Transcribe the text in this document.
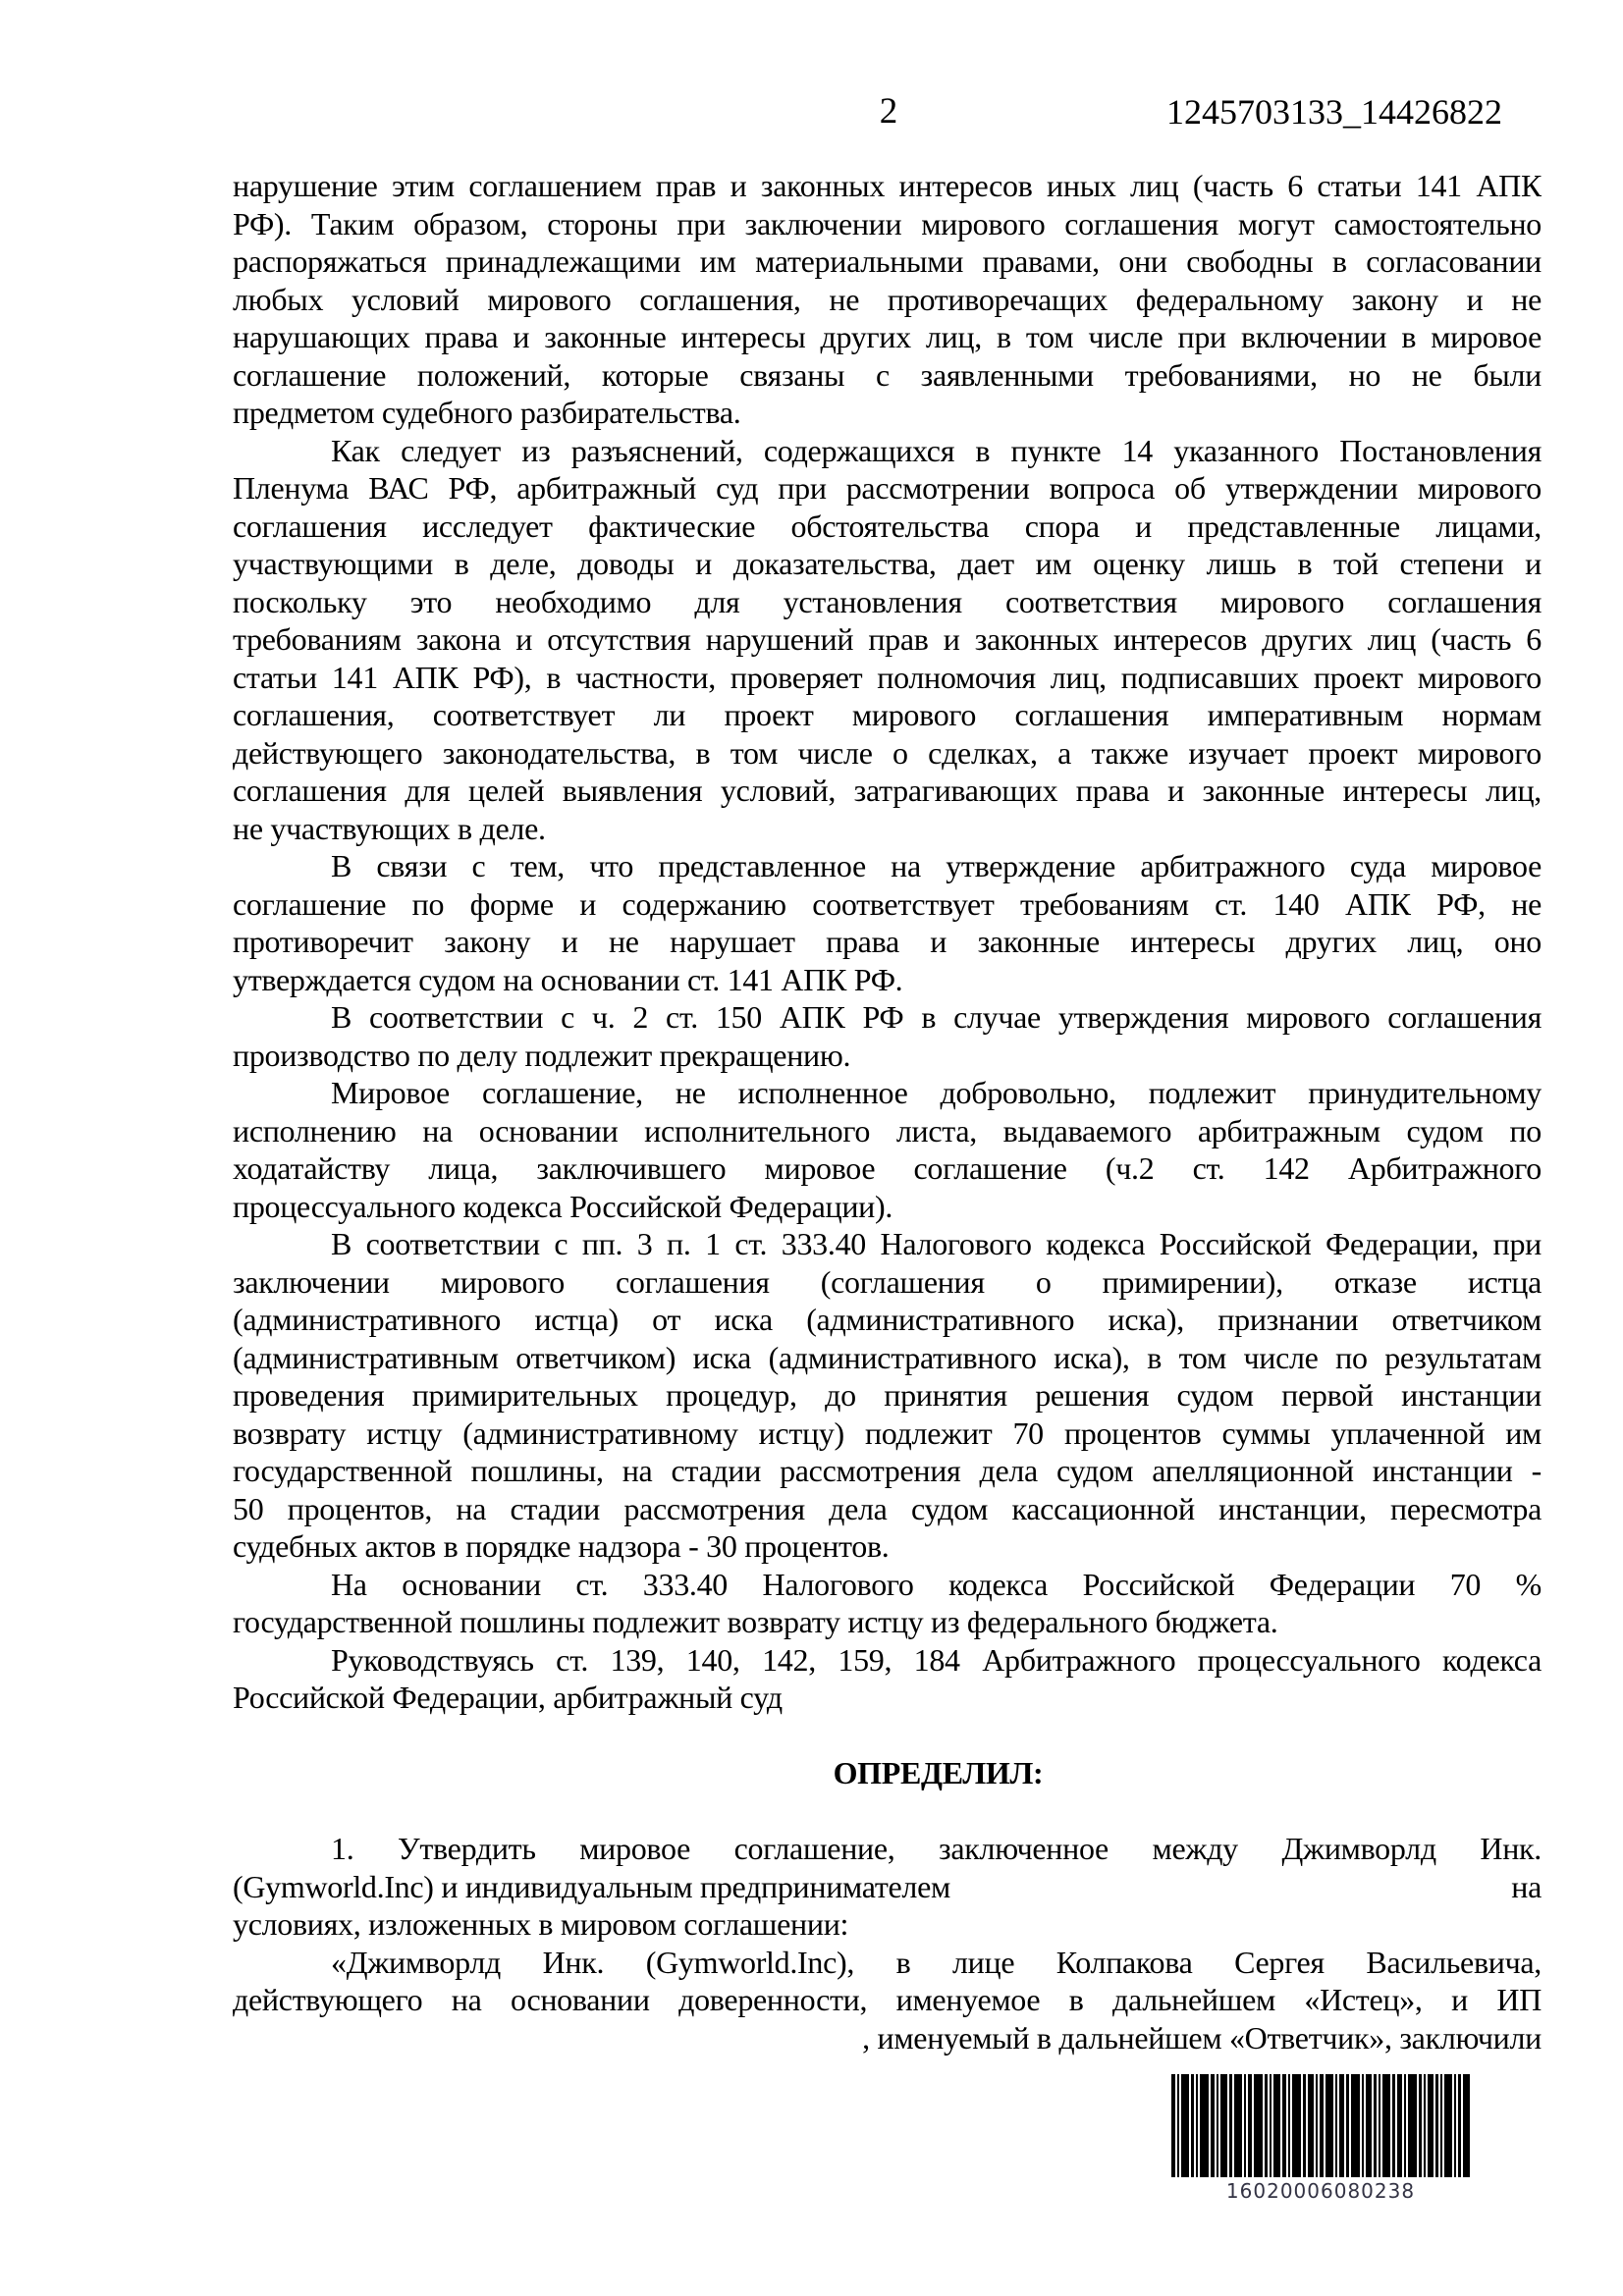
2	1245703133_14426822
нарушение этим соглашением прав и законных интересов иных лиц (часть 6 статьи 141 АПК
РФ). Таким образом, стороны при заключении мирового соглашения могут самостоятельно
распоряжаться принадлежащими им материальными правами, они свободны в согласовании
любых условий мирового соглашения, не противоречащих федеральному закону и не
нарушающих права и законные интересы других лиц, в том числе при включении в мировое
соглашение положений, которые связаны с заявленными требованиями, но не были
предметом судебного разбирательства.
Как следует из разъяснений, содержащихся в пункте 14 указанного Постановления
Пленума ВАС РФ, арбитражный суд при рассмотрении вопроса об утверждении мирового
соглашения исследует фактические обстоятельства спора и представленные лицами,
участвующими в деле, доводы и доказательства, дает им оценку лишь в той степени и
поскольку это необходимо для установления соответствия мирового соглашения
требованиям закона и отсутствия нарушений прав и законных интересов других лиц (часть 6
статьи 141 АПК РФ), в частности, проверяет полномочия лиц, подписавших проект мирового
соглашения, соответствует ли проект мирового соглашения императивным нормам
действующего законодательства, в том числе о сделках, а также изучает проект мирового
соглашения для целей выявления условий, затрагивающих права и законные интересы лиц,
не участвующих в деле.
В связи с тем, что представленное на утверждение арбитражного суда мировое
соглашение по форме и содержанию соответствует требованиям ст. 140 АПК РФ, не
противоречит закону и не нарушает права и законные интересы других лиц, оно
утверждается судом на основании ст. 141 АПК РФ.
В соответствии с ч. 2 ст. 150 АПК РФ в случае утверждения мирового соглашения
производство по делу подлежит прекращению.
Мировое соглашение, не исполненное добровольно, подлежит принудительному
исполнению на основании исполнительного листа, выдаваемого арбитражным судом по
ходатайству лица, заключившего мировое соглашение (ч.2 ст. 142 Арбитражного
процессуального кодекса Российской Федерации).
В соответствии с пп. 3 п. 1 ст. 333.40 Налогового кодекса Российской Федерации, при
заключении мирового соглашения (соглашения о примирении), отказе истца
(административного истца) от иска (административного иска), признании ответчиком
(административным ответчиком) иска (административного иска), в том числе по результатам
проведения примирительных процедур, до принятия решения судом первой инстанции
возврату истцу (административному истцу) подлежит 70 процентов суммы уплаченной им
государственной пошлины, на стадии рассмотрения дела судом апелляционной инстанции -
50 процентов, на стадии рассмотрения дела судом кассационной инстанции, пересмотра
судебных актов в порядке надзора - 30 процентов.
На основании ст. 333.40 Налогового кодекса Российской Федерации 70 %
государственной пошлины подлежит возврату истцу из федерального бюджета.
Руководствуясь ст. 139, 140, 142, 159, 184 Арбитражного процессуального кодекса
Российской Федерации, арбитражный суд
ОПРЕДЕЛИЛ:
1. Утвердить мировое соглашение, заключенное между Джимворлд Инк.
(Gymworld.Inc) и индивидуальным предпринимателем	на
условиях, изложенных в мировом соглашении:
«Джимворлд Инк. (Gymworld.Inc), в лице Колпакова Сергея Васильевича,
действующего на основании доверенности, именуемое в дальнейшем «Истец», и ИП
, именуемый в дальнейшем «Ответчик», заключили
16020006080238
